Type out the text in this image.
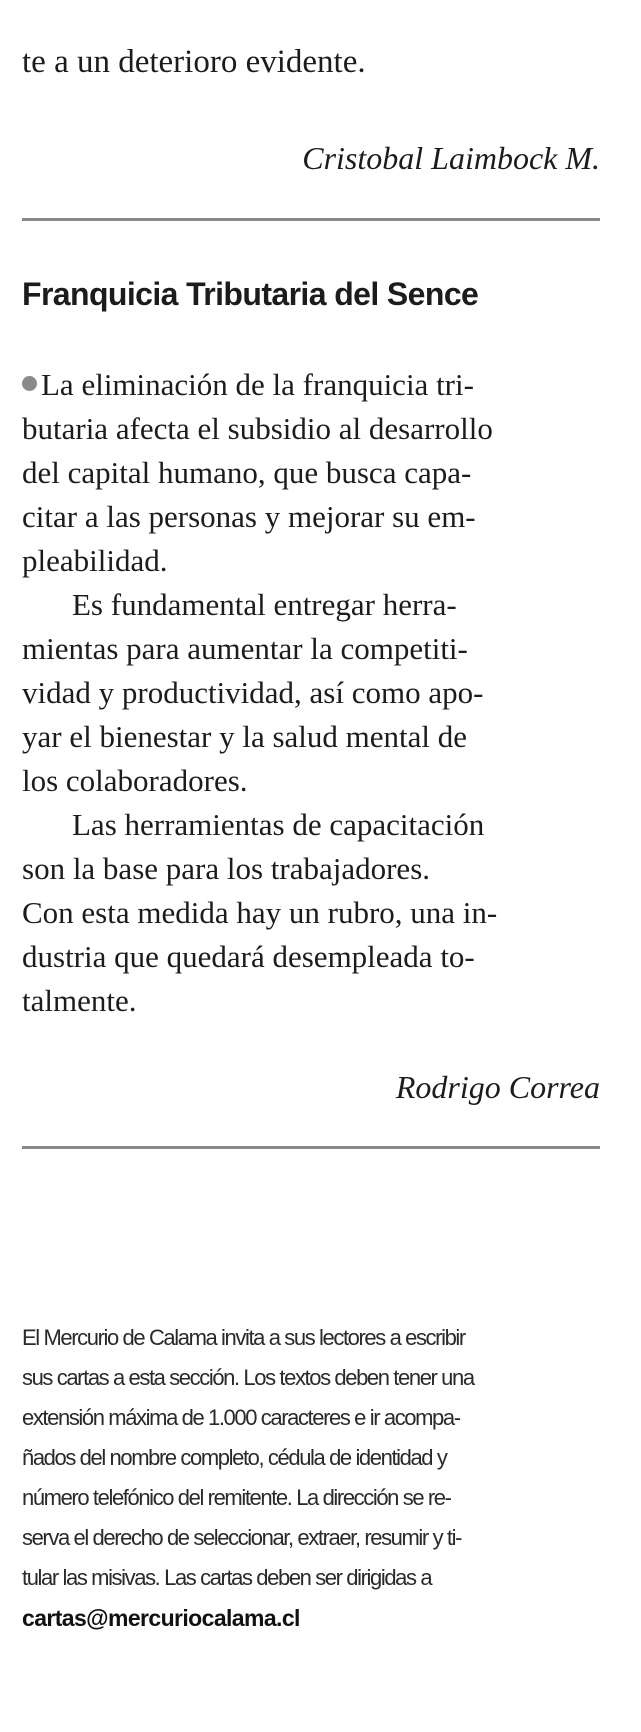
te a un deterioro evidente.
Cristobal Laimbock M.
Franquicia Tributaria del Sence
La eliminación de la franquicia tri-
butaria afecta el subsidio al desarrollo
del capital humano, que busca capa-
citar a las personas y mejorar su em-
pleabilidad.
Es fundamental entregar herra-
mientas para aumentar la competiti-
vidad y productividad, así como apo-
yar el bienestar y la salud mental de
los colaboradores.
Las herramientas de capacitación
son la base para los trabajadores.
Con esta medida hay un rubro, una in-
dustria que quedará desempleada to-
talmente.
Rodrigo Correa
El Mercurio de Calama invita a sus lectores a escribir
sus cartas a esta sección. Los textos deben tener una
extensión máxima de 1.000 caracteres e ir acompa-
ñados del nombre completo, cédula de identidad y
número telefónico del remitente. La dirección se re-
serva el derecho de seleccionar, extraer, resumir y ti-
tular las misivas. Las cartas deben ser dirigidas a
cartas@mercuriocalama.cl
